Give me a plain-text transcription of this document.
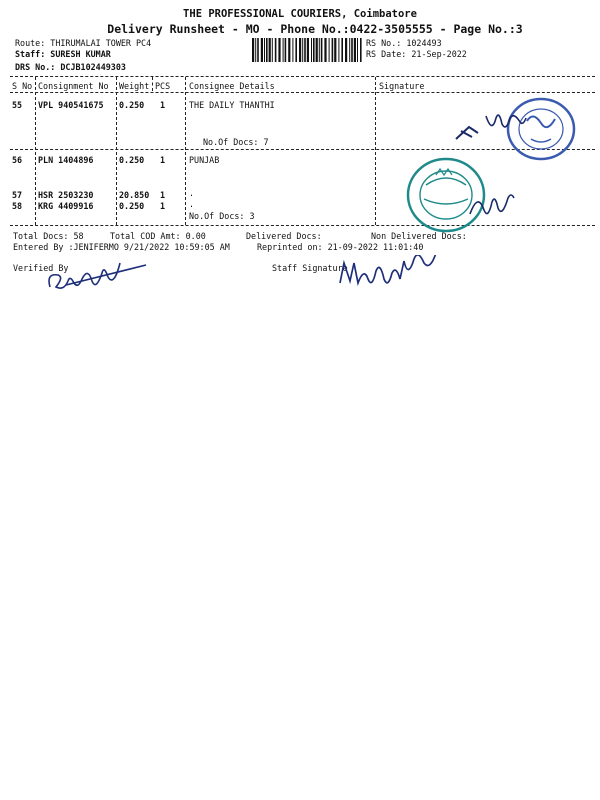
THE PROFESSIONAL COURIERS, Coimbatore
Delivery Runsheet - MO - Phone No.:0422-3505555 - Page No.:3
Route: THIRUMALAI TOWER PC4
Staff: SURESH KUMAR
DRS No.: DCJB102449303
RS No.: 1024493
RS Date: 21-Sep-2022
S No Consignment No Weight PCS Consignee Details	Signature
55 VPL 940541675 0.250 1	THE DAILY THANTHI
No.Of Docs: 7
56 PLN 1404896	0.250 1	PUNJAB
57 HSR 2503230	20.850 1	.
58 KRG 4409916	0.250 1	.
No.Of Docs: 3
Total Docs: 58	Total COD Amt: 0.00	Delivered Docs:	Non Delivered Docs:
Entered By :JENIFERMO 9/21/2022 10:59:05 AM	Reprinted on: 21-09-2022 11:01:40
Verified By	Staff Signature
